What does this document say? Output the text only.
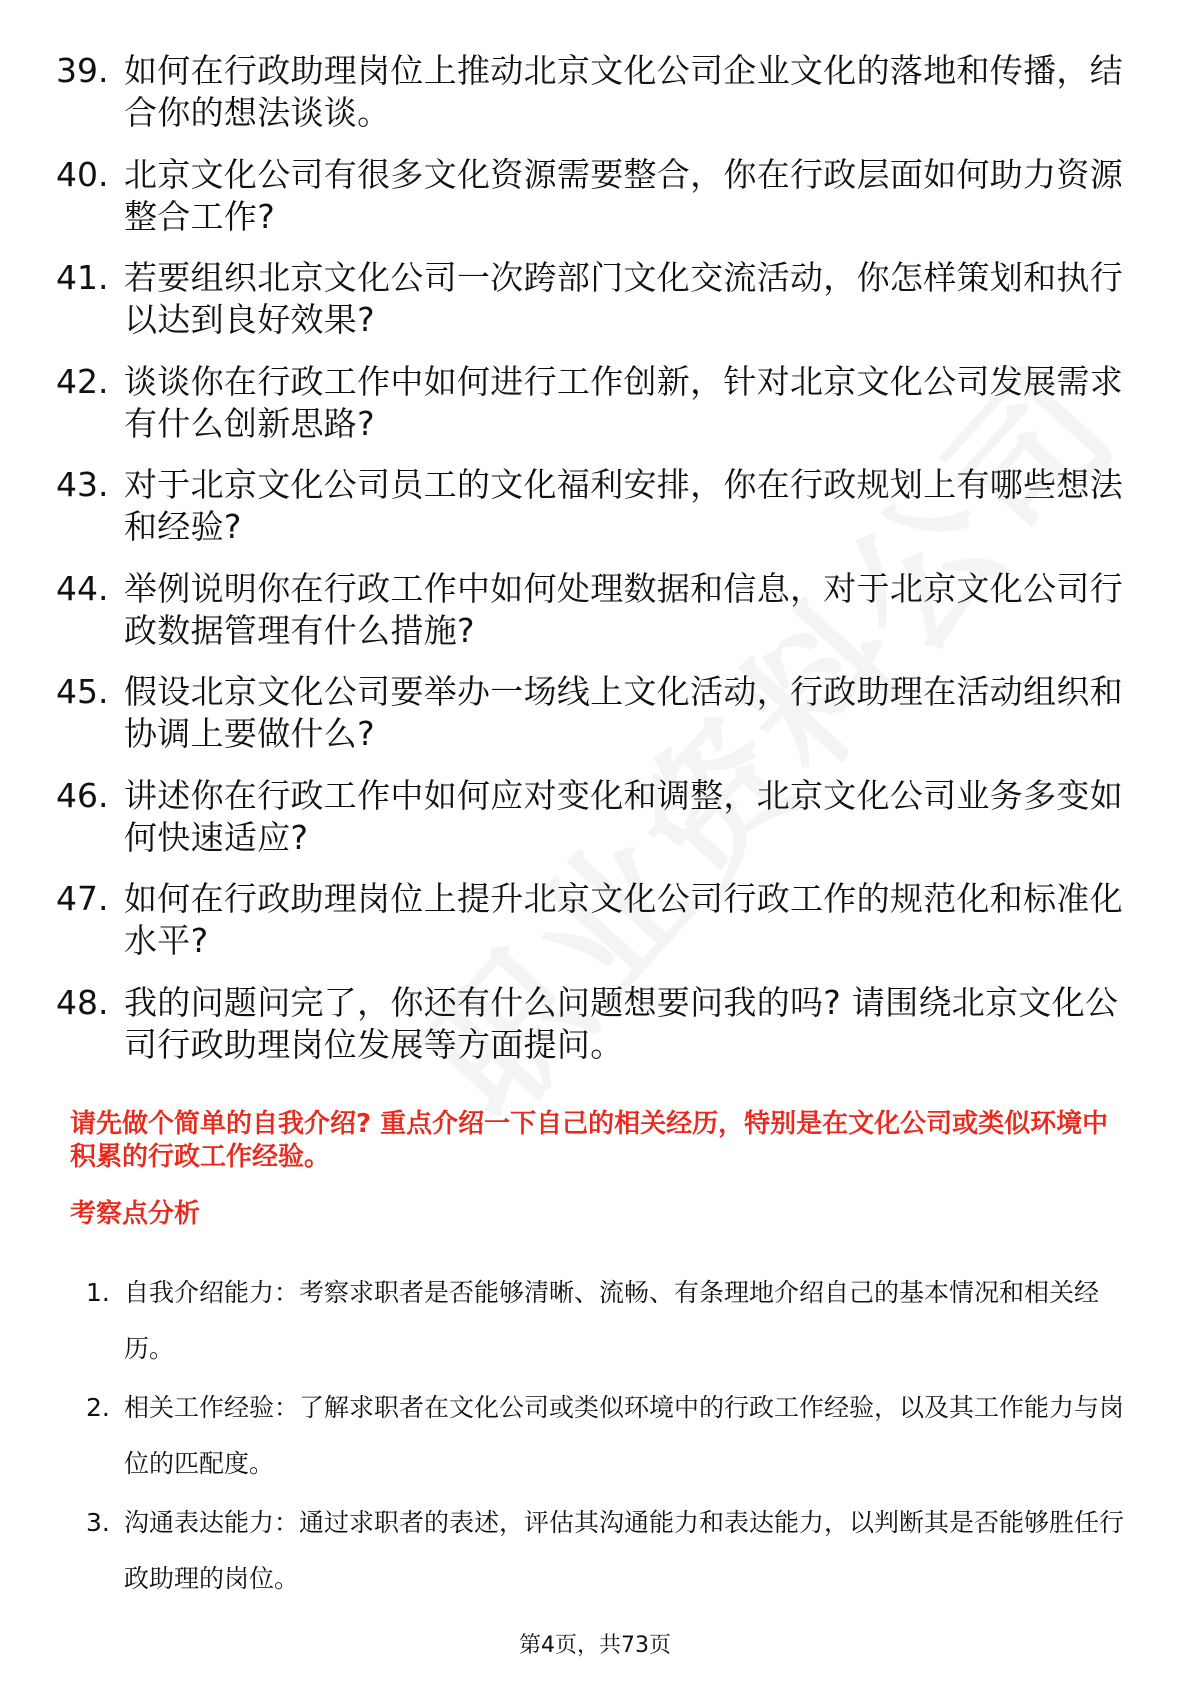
39. 如何在行政助理岗位上推动北京文化公司企业文化的落地和传播，结合你的想法谈谈。
40. 北京文化公司有很多文化资源需要整合，你在行政层面如何助力资源整合工作?
41. 若要组织北京文化公司一次跨部门文化交流活动，你怎样策划和执行以达到良好效果?
42. 谈谈你在行政工作中如何进行工作创新，针对北京文化公司发展需求有什么创新思路?
43. 对于北京文化公司员工的文化福利安排，你在行政规划上有哪些想法和经验?
44. 举例说明你在行政工作中如何处理数据和信息，对于北京文化公司行政数据管理有什么措施?
45. 假设北京文化公司要举办一场线上文化活动，行政助理在活动组织和协调上要做什么?
46. 讲述你在行政工作中如何应对变化和调整，北京文化公司业务多变如何快速适应?
47. 如何在行政助理岗位上提升北京文化公司行政工作的规范化和标准化水平?
48. 我的问题问完了，你还有什么问题想要问我的吗? 请围绕北京文化公司行政助理岗位发展等方面提问。
请先做个简单的自我介绍? 重点介绍一下自己的相关经历，特别是在文化公司或类似环境中积累的行政工作经验。
考察点分析
1. 自我介绍能力：考察求职者是否能够清晰、流畅、有条理地介绍自己的基本情况和相关经历。
2. 相关工作经验：了解求职者在文化公司或类似环境中的行政工作经验，以及其工作能力与岗位的匹配度。
3. 沟通表达能力：通过求职者的表述，评估其沟通能力和表达能力，以判断其是否能够胜任行政助理的岗位。
第4页，共73页
